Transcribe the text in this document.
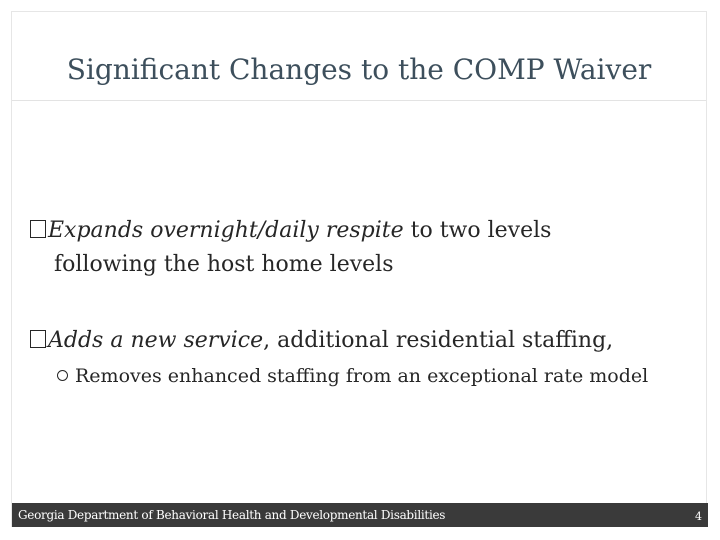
Significant Changes to the COMP Waiver

Expands overnight/daily respite to two levels
following the host home levels

Adds a new service, additional residential staffing,

Removes enhanced staffing from an exceptional rate model
Georgia Department of Behavioral Health and Developmental Disabilities	4
